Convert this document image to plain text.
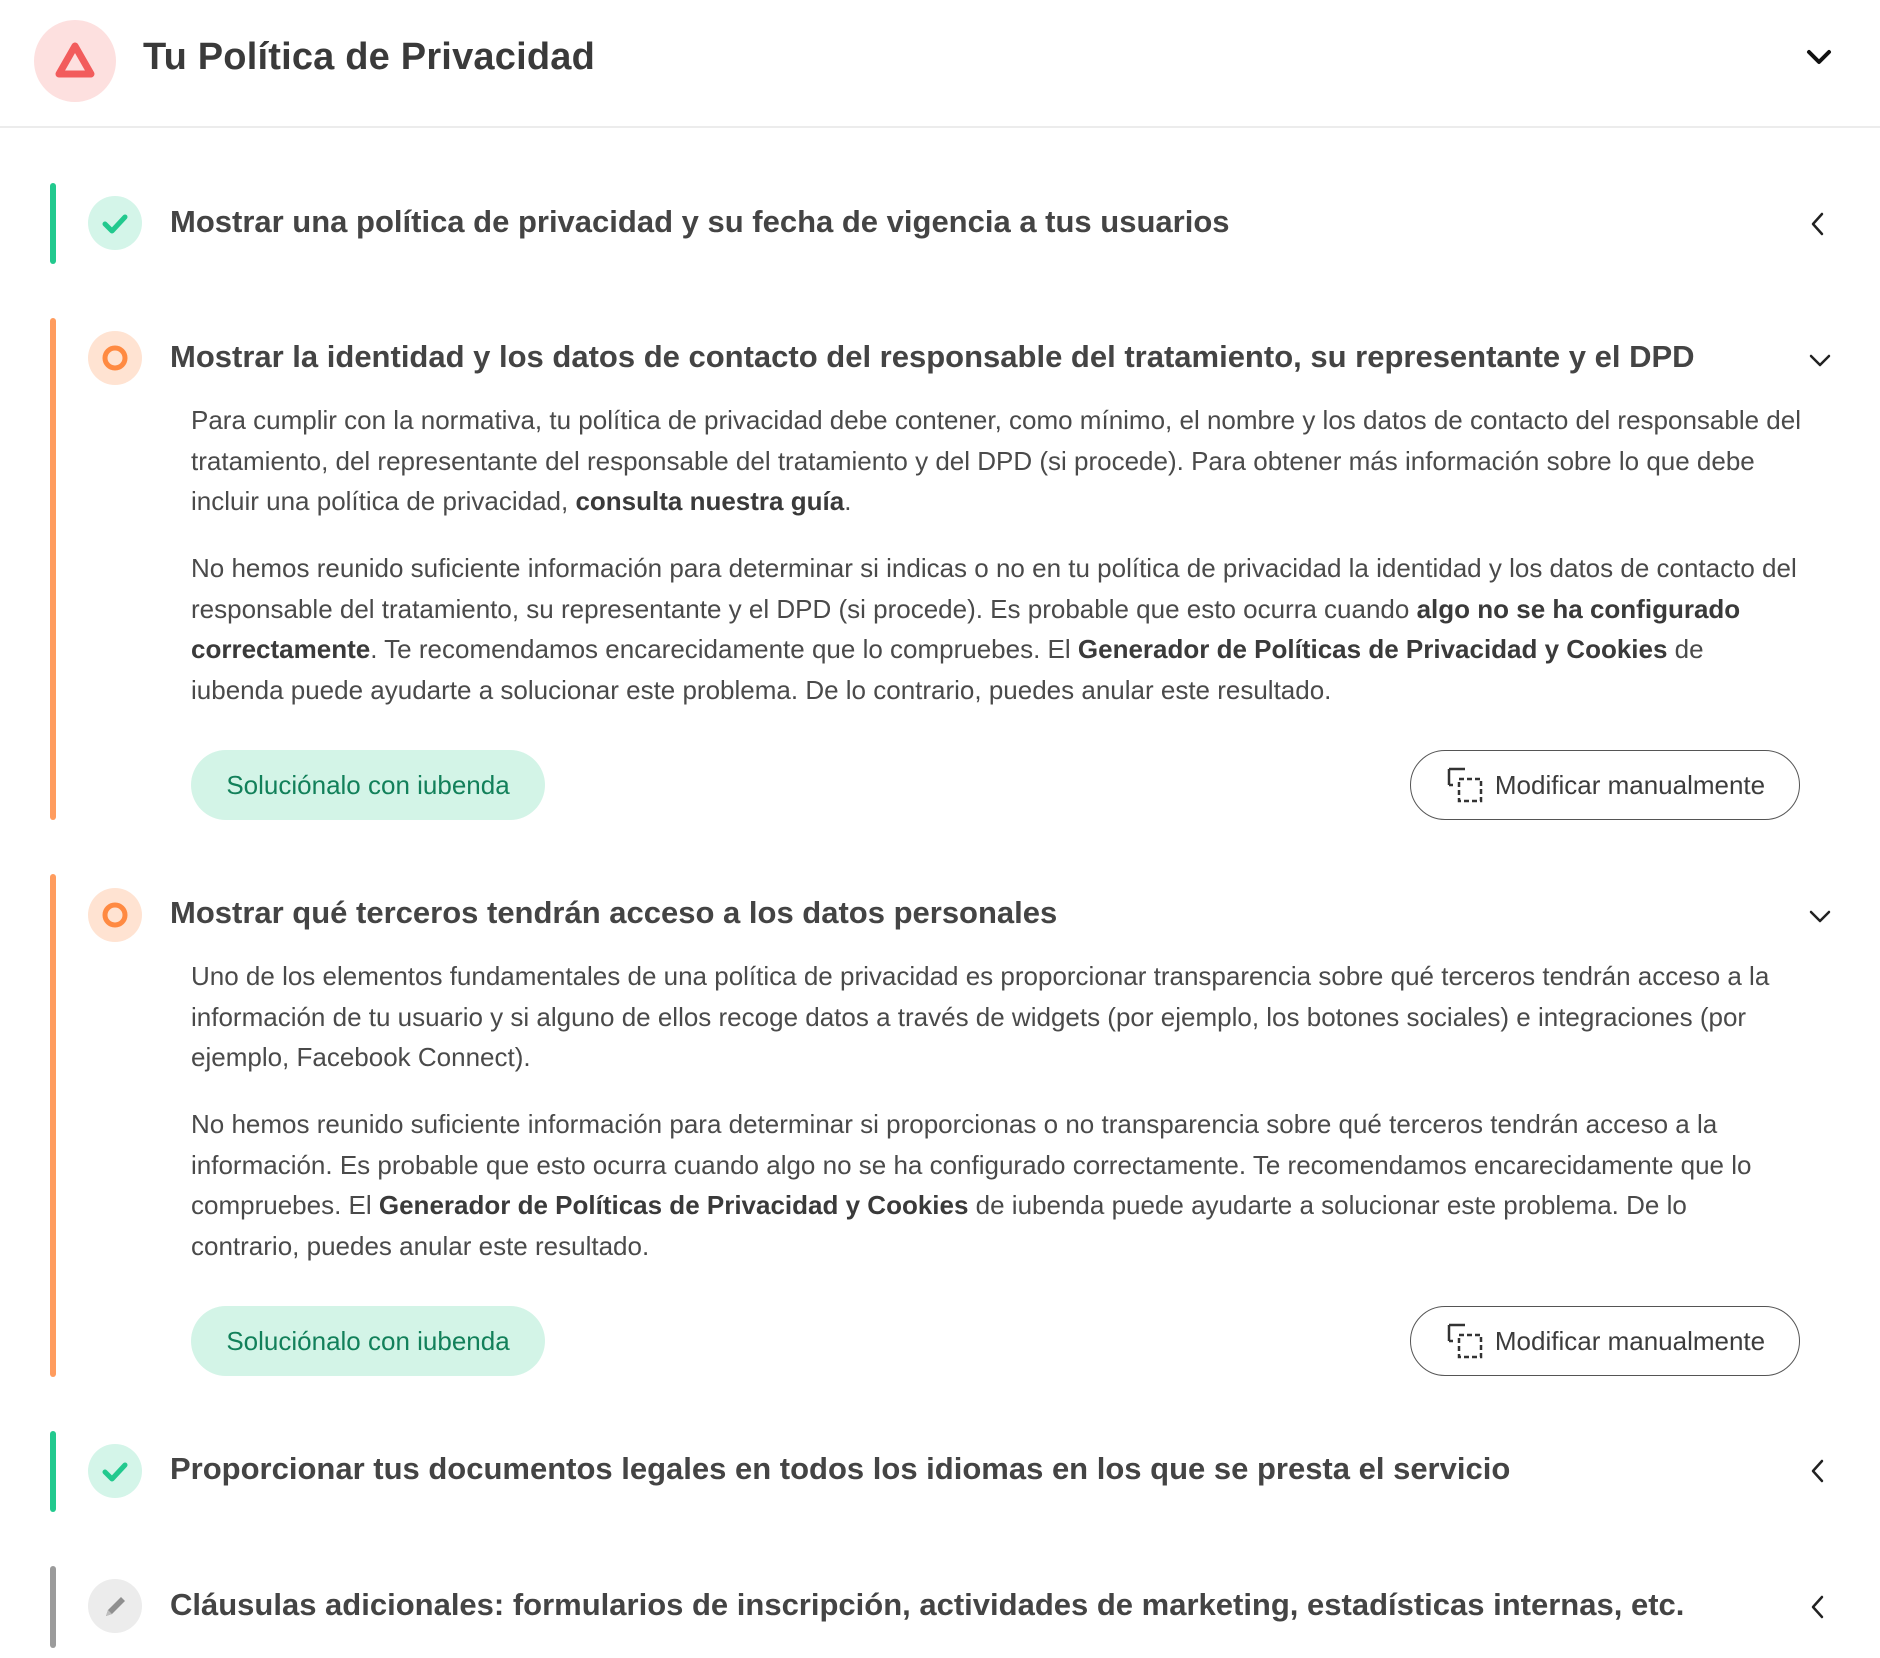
Tu Política de Privacidad
Mostrar una política de privacidad y su fecha de vigencia a tus usuarios
Mostrar la identidad y los datos de contacto del responsable del tratamiento, su representante y el DPD

Para cumplir con la normativa, tu política de privacidad debe contener, como mínimo, el nombre y los datos de contacto del responsable del tratamiento, del representante del responsable del tratamiento y del DPD (si procede). Para obtener más información sobre lo que debe incluir una política de privacidad, consulta nuestra guía.

No hemos reunido suficiente información para determinar si indicas o no en tu política de privacidad la identidad y los datos de contacto del responsable del tratamiento, su representante y el DPD (si procede). Es probable que esto ocurra cuando algo no se ha configurado correctamente. Te recomendamos encarecidamente que lo compruebes. El Generador de Políticas de Privacidad y Cookies de iubenda puede ayudarte a solucionar este problema. De lo contrario, puedes anular este resultado.

Soluciónalo con iubenda	Modificar manualmente
Mostrar qué terceros tendrán acceso a los datos personales

Uno de los elementos fundamentales de una política de privacidad es proporcionar transparencia sobre qué terceros tendrán acceso a la información de tu usuario y si alguno de ellos recoge datos a través de widgets (por ejemplo, los botones sociales) e integraciones (por ejemplo, Facebook Connect).

No hemos reunido suficiente información para determinar si proporcionas o no transparencia sobre qué terceros tendrán acceso a la información. Es probable que esto ocurra cuando algo no se ha configurado correctamente. Te recomendamos encarecidamente que lo compruebes. El Generador de Políticas de Privacidad y Cookies de iubenda puede ayudarte a solucionar este problema. De lo contrario, puedes anular este resultado.

Soluciónalo con iubenda	Modificar manualmente
Proporcionar tus documentos legales en todos los idiomas en los que se presta el servicio
Cláusulas adicionales: formularios de inscripción, actividades de marketing, estadísticas internas, etc.
